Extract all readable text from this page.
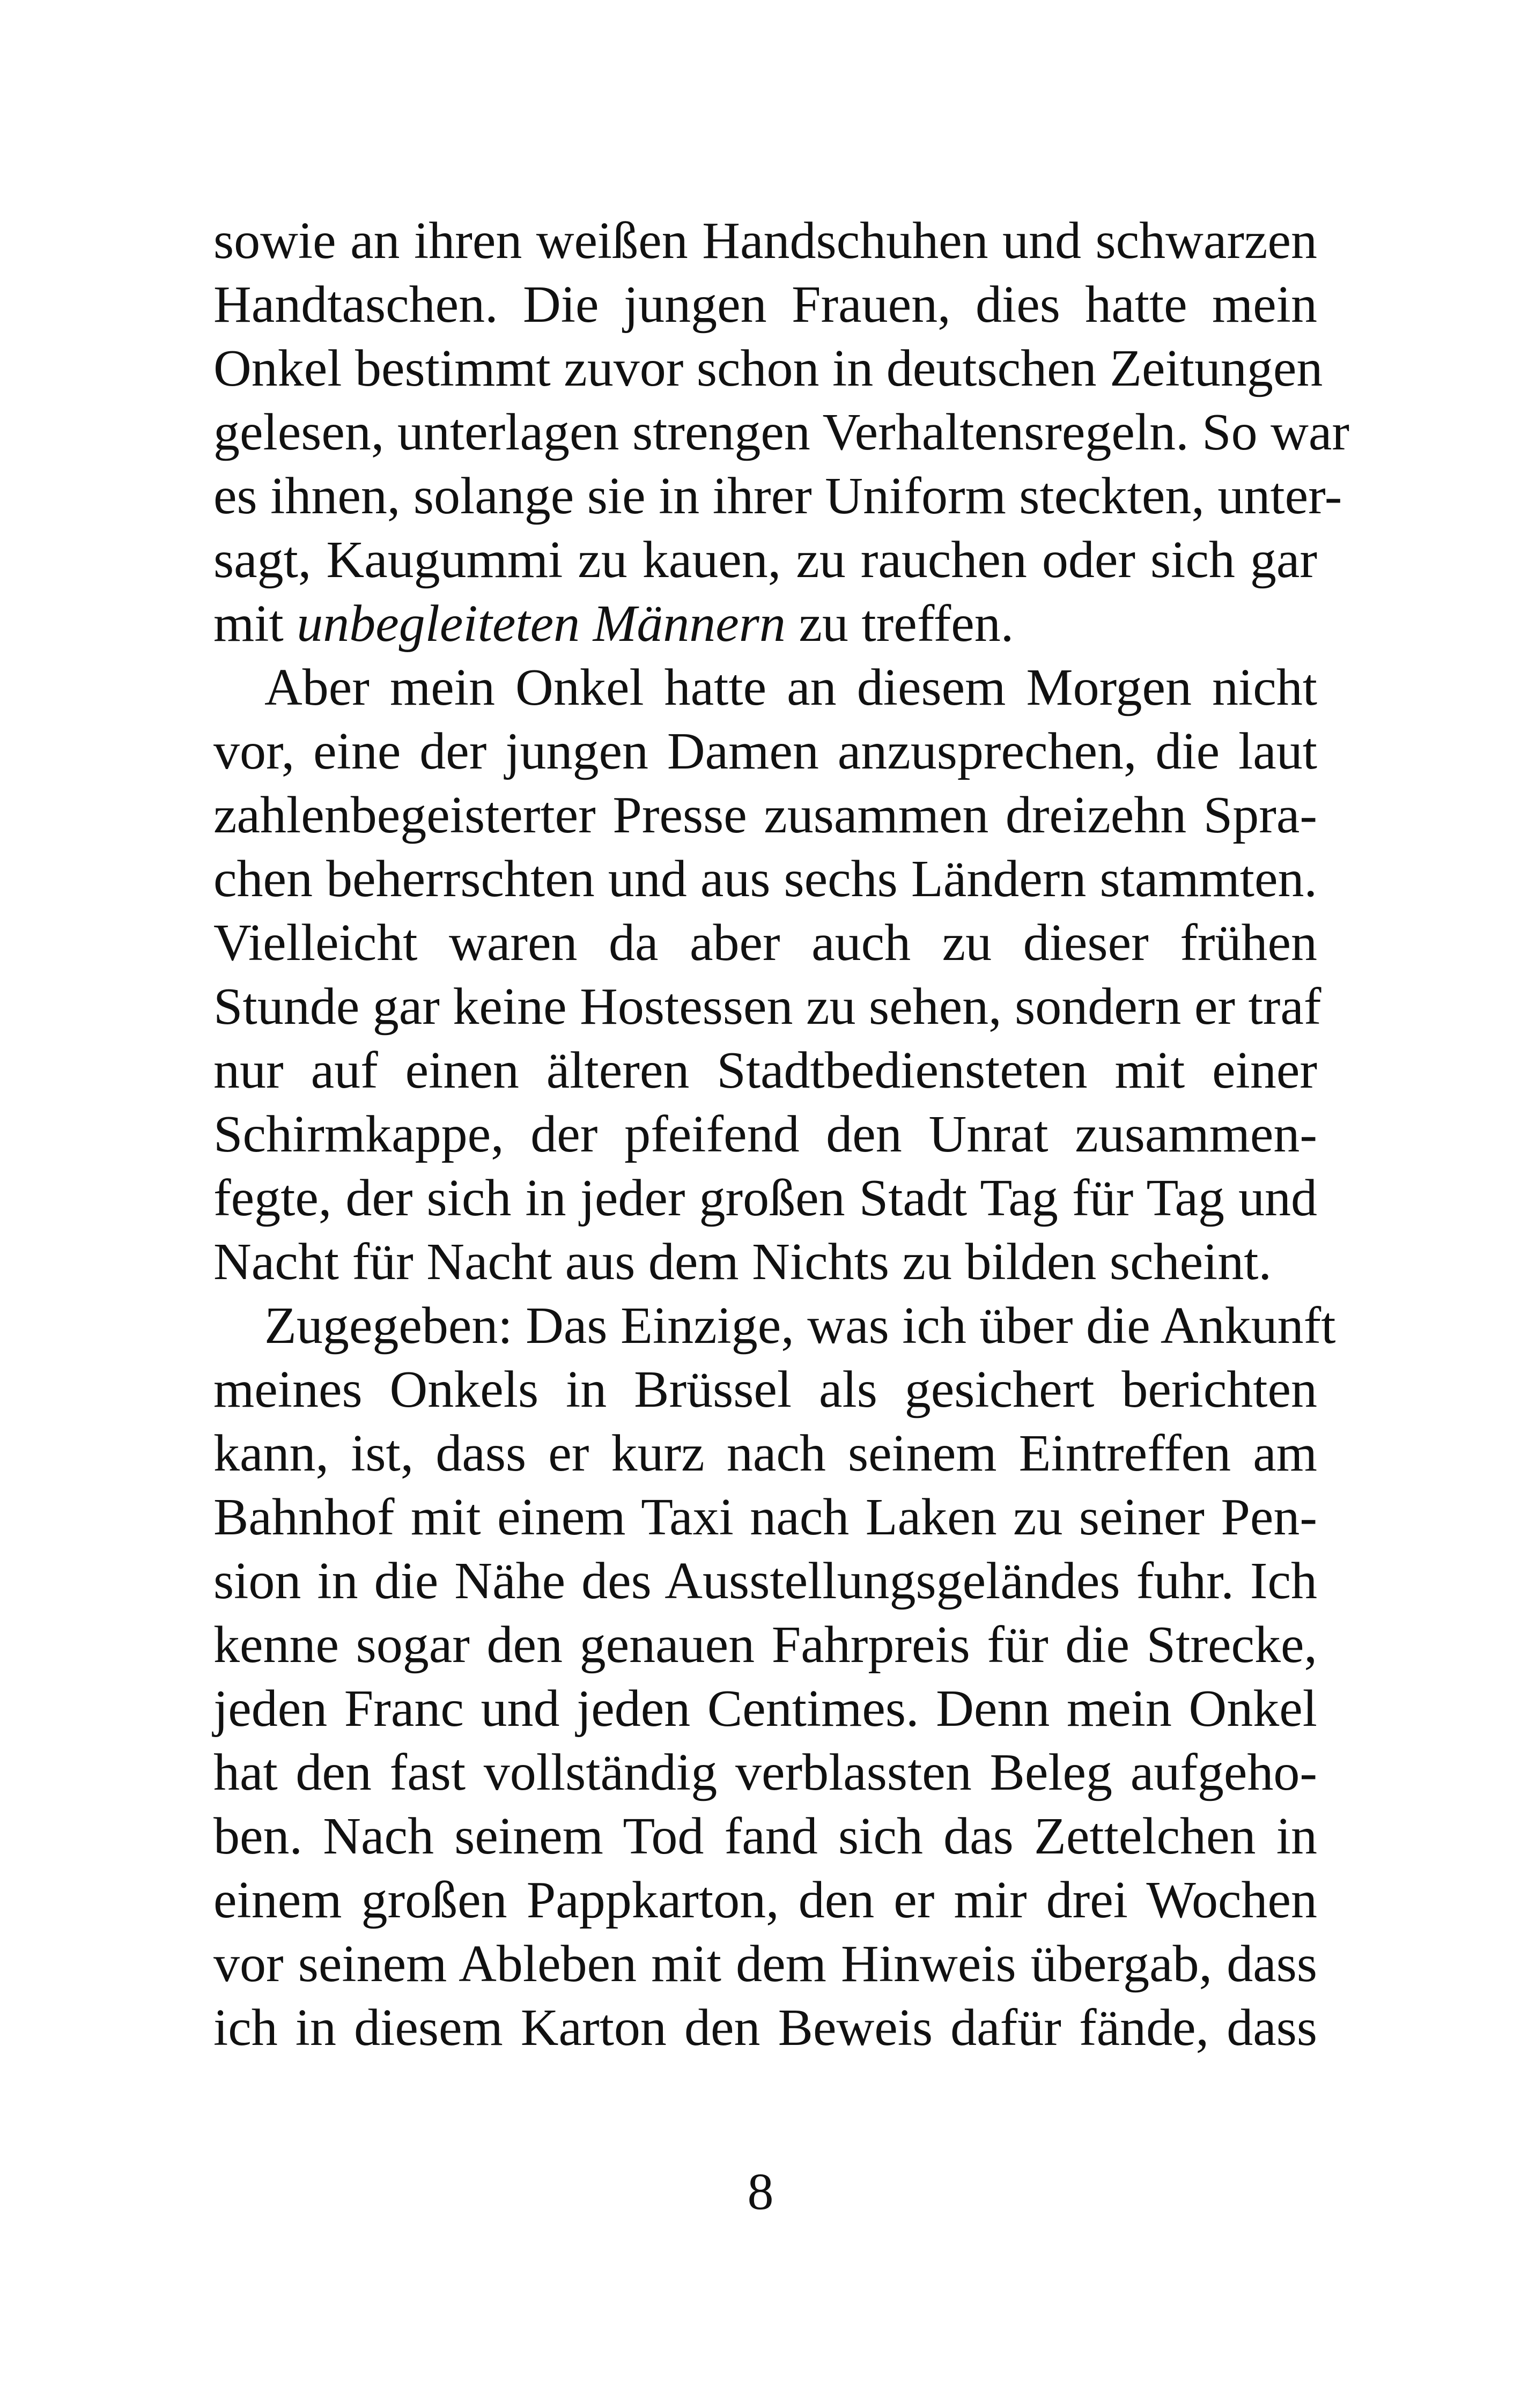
sowie an ihren weißen Handschuhen und schwarzen
Handtaschen. Die jungen Frauen, dies hatte mein
Onkel bestimmt zuvor schon in deutschen Zeitungen
gelesen, unterlagen strengen Verhaltensregeln. So war
es ihnen, solange sie in ihrer Uniform steckten, unter-
sagt, Kaugummi zu kauen, zu rauchen oder sich gar
mit unbegleiteten Männern zu treffen.
Aber mein Onkel hatte an diesem Morgen nicht
vor, eine der jungen Damen anzusprechen, die laut
zahlenbegeisterter Presse zusammen dreizehn Spra-
chen beherrschten und aus sechs Ländern stammten.
Vielleicht waren da aber auch zu dieser frühen
Stunde gar keine Hostessen zu sehen, sondern er traf
nur auf einen älteren Stadtbediensteten mit einer
Schirmkappe, der pfeifend den Unrat zusammen-
fegte, der sich in jeder großen Stadt Tag für Tag und
Nacht für Nacht aus dem Nichts zu bilden scheint.
Zugegeben: Das Einzige, was ich über die Ankunft
meines Onkels in Brüssel als gesichert berichten
kann, ist, dass er kurz nach seinem Eintreffen am
Bahnhof mit einem Taxi nach Laken zu seiner Pen-
sion in die Nähe des Ausstellungsgeländes fuhr. Ich
kenne sogar den genauen Fahrpreis für die Strecke,
jeden Franc und jeden Centimes. Denn mein Onkel
hat den fast vollständig verblassten Beleg aufgeho-
ben. Nach seinem Tod fand sich das Zettelchen in
einem großen Pappkarton, den er mir drei Wochen
vor seinem Ableben mit dem Hinweis übergab, dass
ich in diesem Karton den Beweis dafür fände, dass
8
